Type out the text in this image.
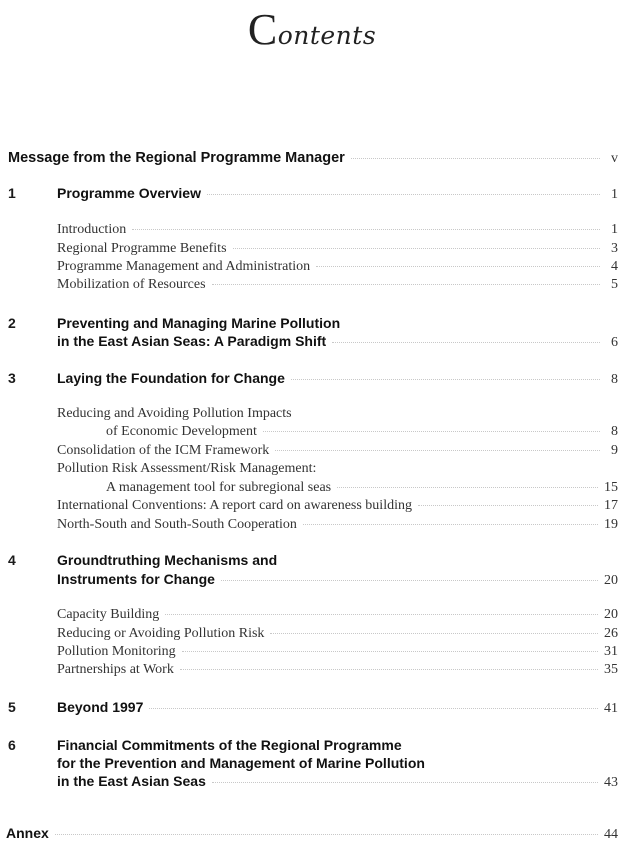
Contents
Message from the Regional Programme Manager	v
1	Programme Overview	1
Introduction	1
Regional Programme Benefits	3
Programme Management and Administration	4
Mobilization of Resources	5
2	Preventing and Managing Marine Pollution
in the East Asian Seas: A Paradigm Shift	6
3	Laying the Foundation for Change	8
Reducing and Avoiding Pollution Impacts
of Economic Development	8
Consolidation of the ICM Framework	9
Pollution Risk Assessment/Risk Management:
A management tool for subregional seas	15
International Conventions: A report card on awareness building	17
North-South and South-South Cooperation	19
4	Groundtruthing Mechanisms and
Instruments for Change	20
Capacity Building	20
Reducing or Avoiding Pollution Risk	26
Pollution Monitoring	31
Partnerships at Work	35
5	Beyond 1997	41
6	Financial Commitments of the Regional Programme
for the Prevention and Management of Marine Pollution
in the East Asian Seas	43
Annex	44
